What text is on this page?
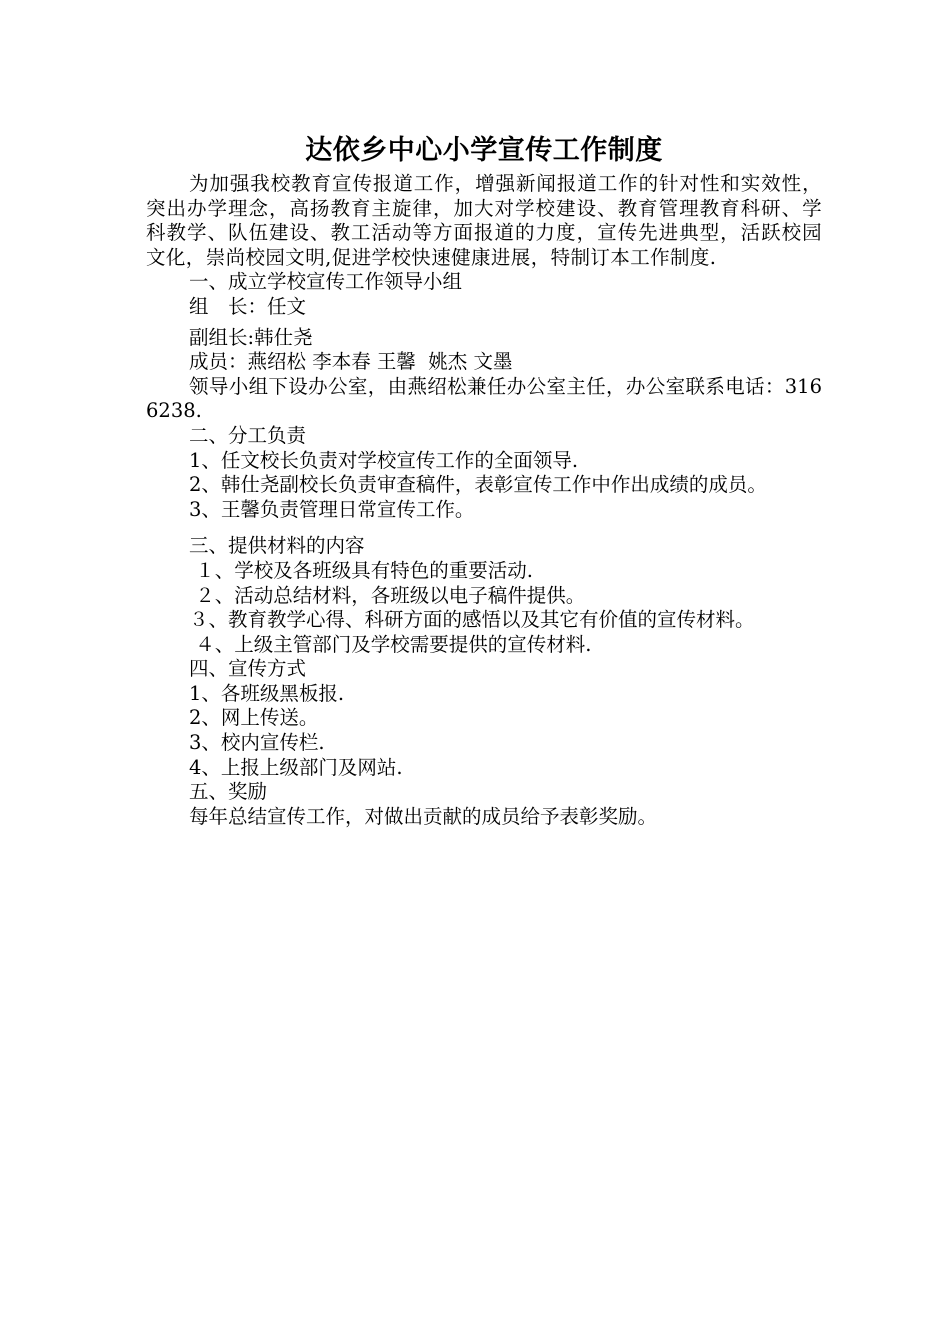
达依乡中心小学宣传工作制度

为加强我校教育宣传报道工作，增强新闻报道工作的针对性和实效性，突出办学理念，高扬教育主旋律，加大对学校建设、教育管理教育科研、学科教学、队伍建设、教工活动等方面报道的力度，宣传先进典型，活跃校园文化，崇尚校园文明,促进学校快速健康进展，特制订本工作制度.

一、成立学校宣传工作领导小组

组　长：任文

副组长:韩仕尧

成员：燕绍松 李本春 王馨  姚杰 文墨

领导小组下设办公室，由燕绍松兼任办公室主任，办公室联系电话：3166238.

二、分工负责

1、任文校长负责对学校宣传工作的全面领导.

2、韩仕尧副校长负责审查稿件，表彰宣传工作中作出成绩的成员。

3、王馨负责管理日常宣传工作。

三、提供材料的内容

１、学校及各班级具有特色的重要活动.

２、活动总结材料，各班级以电子稿件提供。

３、教育教学心得、科研方面的感悟以及其它有价值的宣传材料。

４、上级主管部门及学校需要提供的宣传材料.

四、宣传方式

1、各班级黑板报.

2、网上传送。

3、校内宣传栏.

4、上报上级部门及网站.

五、奖励

每年总结宣传工作，对做出贡献的成员给予表彰奖励。
